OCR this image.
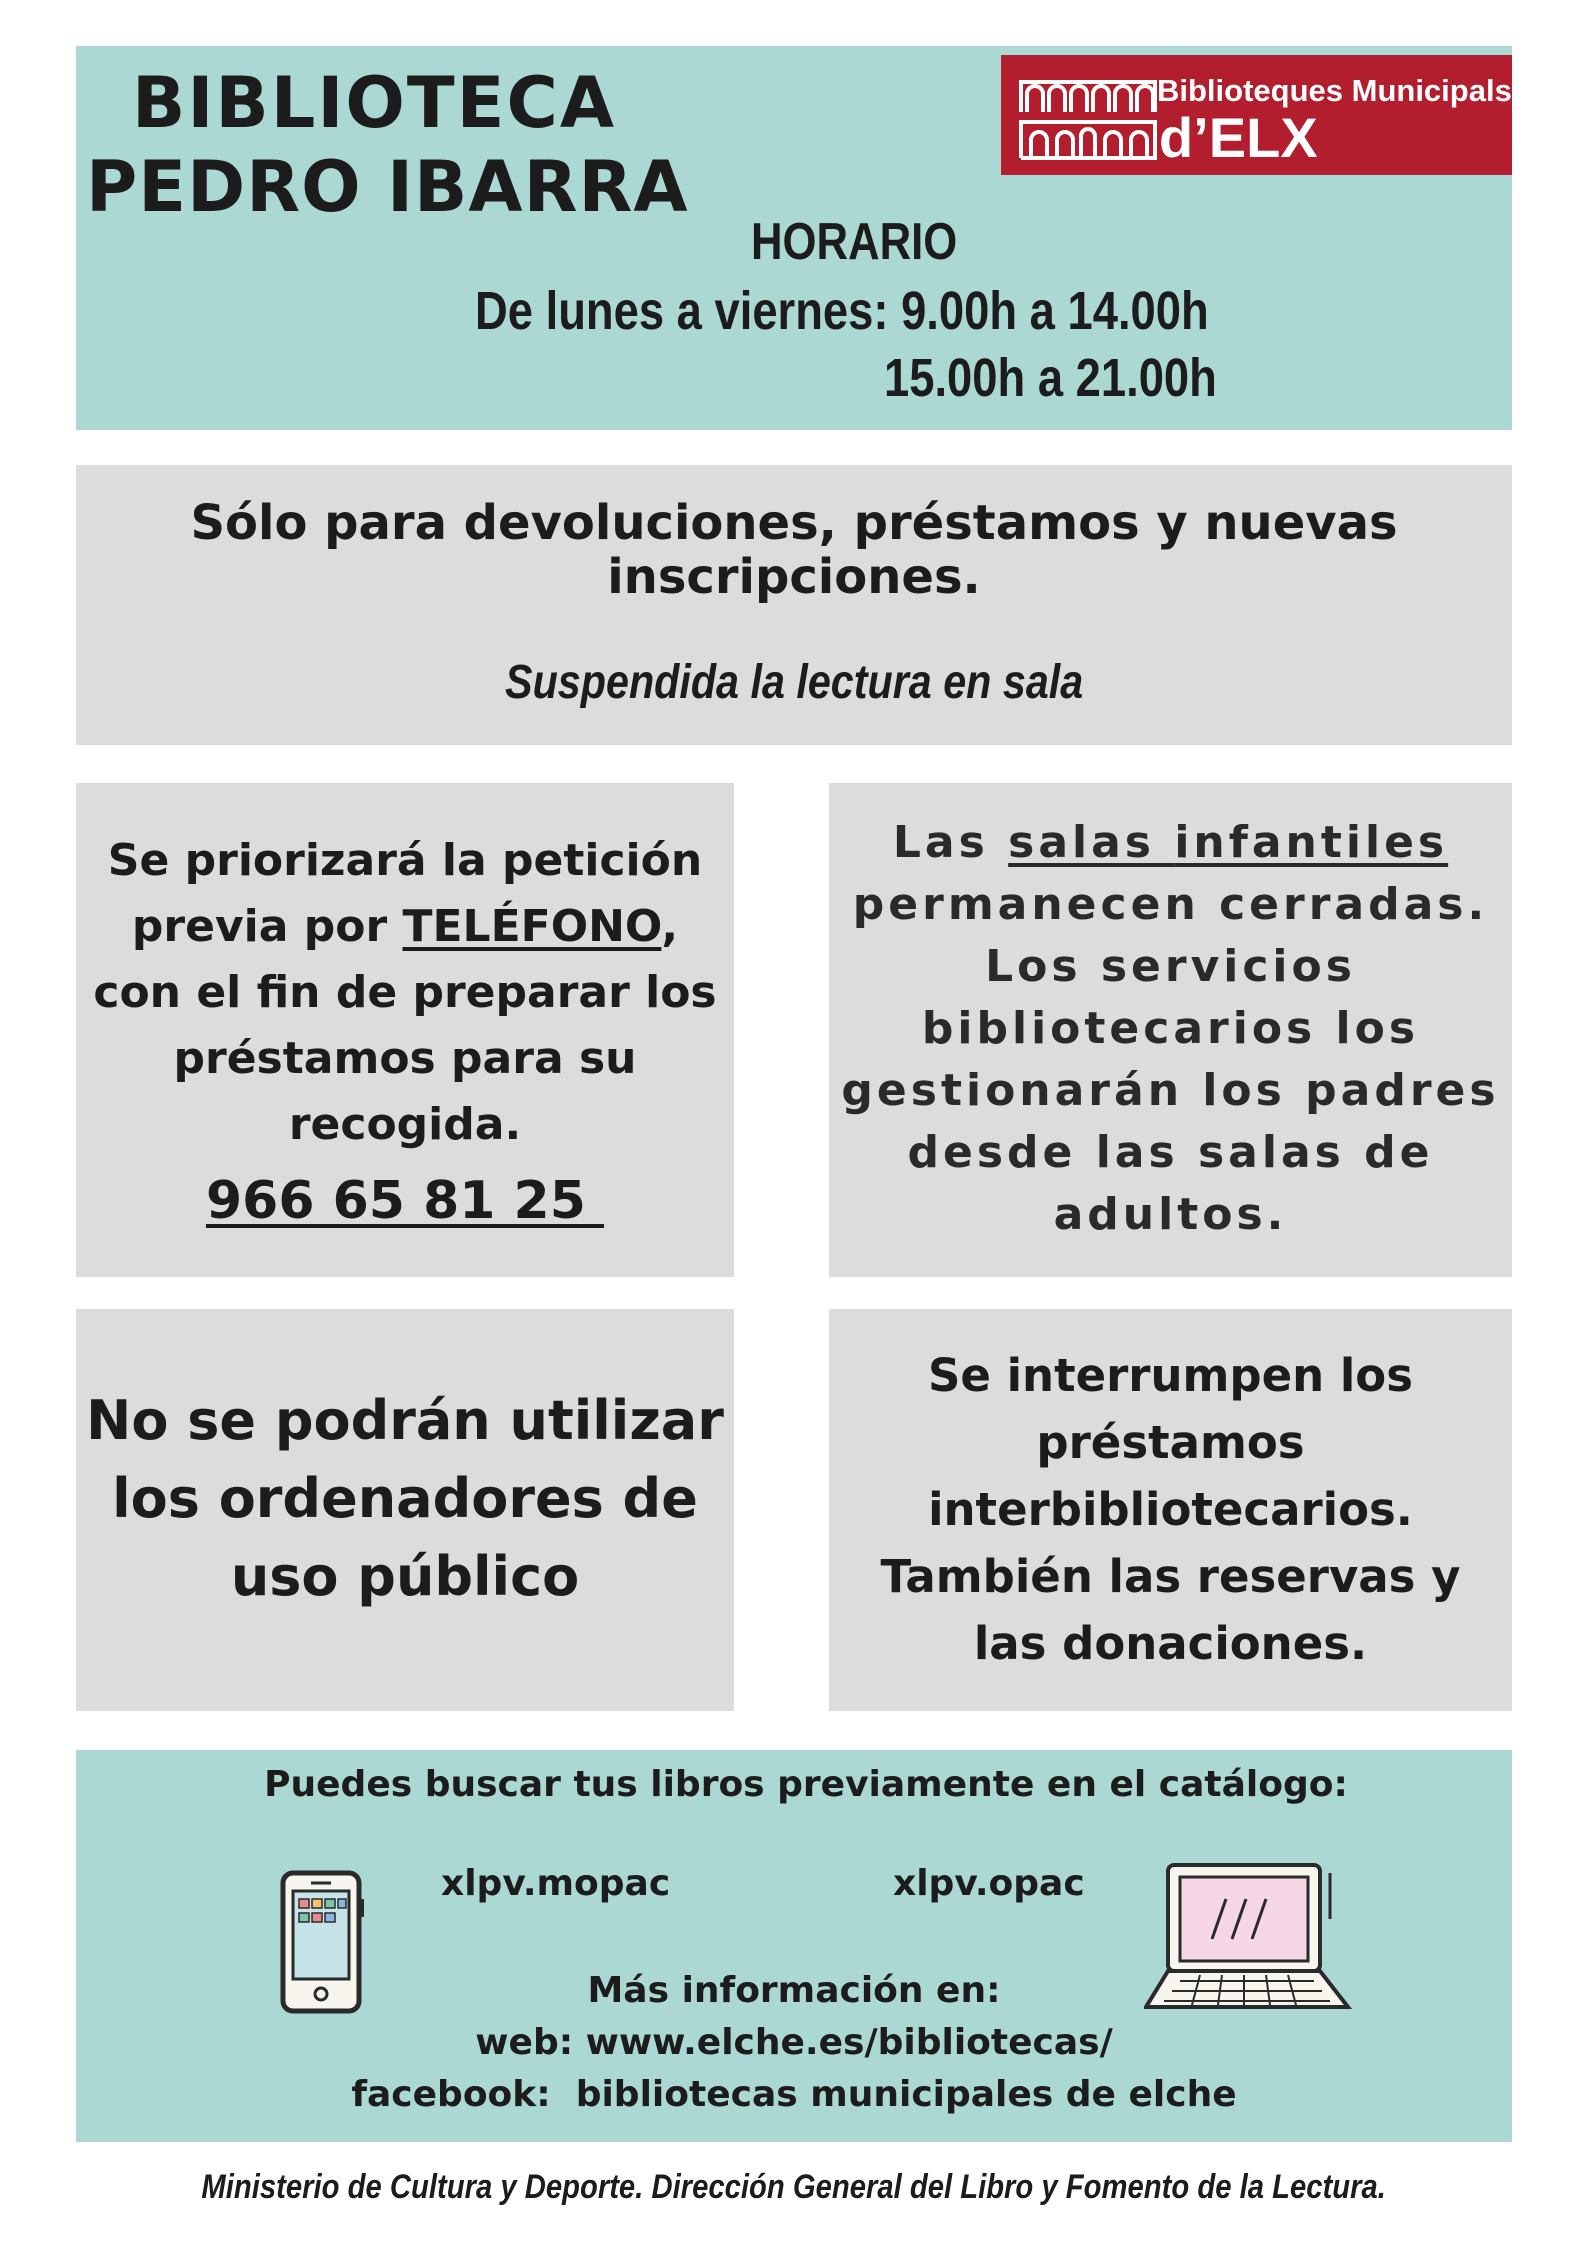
BIBLIOTECA
PEDRO IBARRA
Biblioteques Municipals
d’ELX
HORARIO
De lunes a viernes: 9.00h a 14.00h
15.00h a 21.00h
Sólo para devoluciones, préstamos y nuevas
inscripciones.
Suspendida la lectura en sala
Se priorizará la petición
previa por TELÉFONO,
con el fin de preparar los
préstamos para su
recogida.
966 65 81 25
Las salas infantiles
permanecen cerradas.
Los servicios
bibliotecarios los
gestionarán los padres
desde las salas de
adultos.
No se podrán utilizar
los ordenadores de
uso público
Se interrumpen los
préstamos
interbibliotecarios.
También las reservas y
las donaciones.
Puedes buscar tus libros previamente en el catálogo:
xlpv.mopac	xlpv.opac
Más información en:
web: www.elche.es/bibliotecas/
facebook:  bibliotecas municipales de elche
Ministerio de Cultura y Deporte. Dirección General del Libro y Fomento de la Lectura.
